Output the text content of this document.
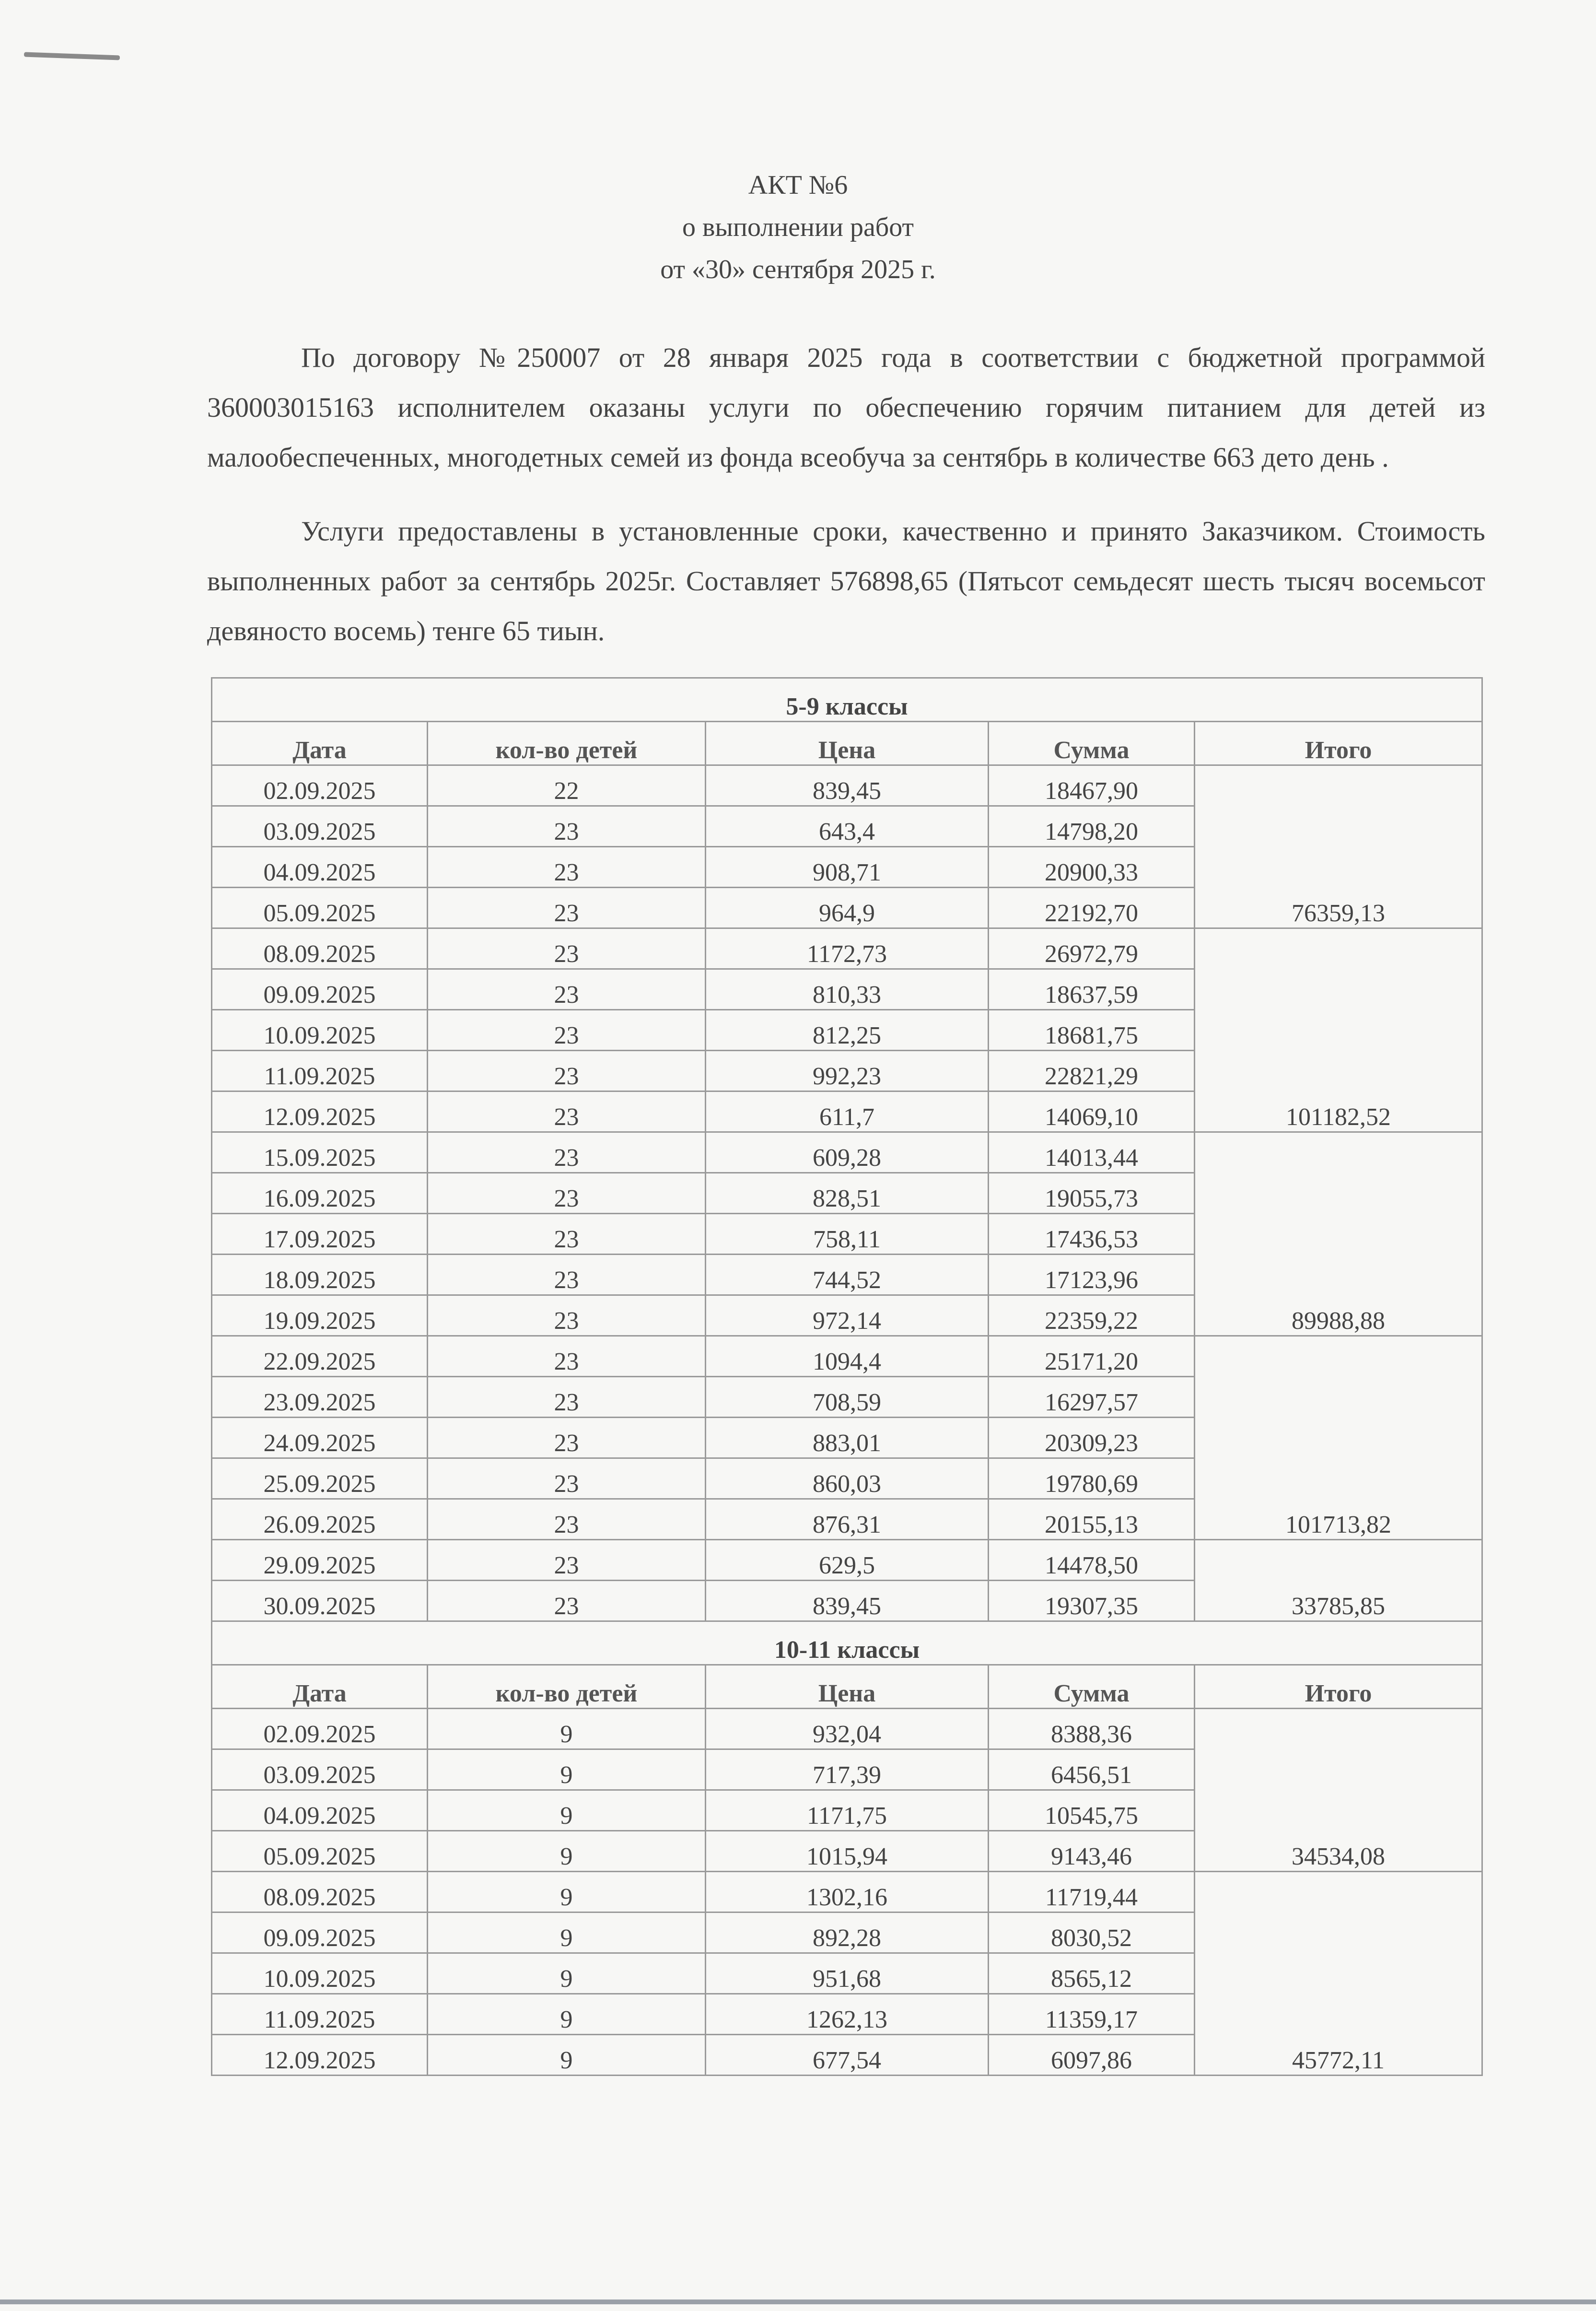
АКТ №6
о выполнении работ
от «30» сентября 2025 г.
По договору №250007 от 28 января 2025 года в соответствии с бюджетной программой 360003015163 исполнителем оказаны услуги по обеспечению горячим питанием для детей из малообеспеченных, многодетных семей из фонда всеобуча за сентябрь в количестве 663 дето день .
Услуги предоставлены в установленные сроки, качественно и принято Заказчиком. Стоимость выполненных работ за сентябрь 2025г. Составляет 576898,65 (Пятьсот семьдесят шесть тысяч восемьсот девяносто восемь) тенге 65 тиын.
5-9 классы				
Дата	кол-во детей	Цена	Сумма	Итого
02.09.2025	22	839,45	18467,90	76359,13
03.09.2025	23	643,4	14798,20	
04.09.2025	23	908,71	20900,33	
05.09.2025	23	964,9	22192,70	
08.09.2025	23	1172,73	26972,79	101182,52
09.09.2025	23	810,33	18637,59	
10.09.2025	23	812,25	18681,75	
11.09.2025	23	992,23	22821,29	
12.09.2025	23	611,7	14069,10	
15.09.2025	23	609,28	14013,44	89988,88
16.09.2025	23	828,51	19055,73	
17.09.2025	23	758,11	17436,53	
18.09.2025	23	744,52	17123,96	
19.09.2025	23	972,14	22359,22	
22.09.2025	23	1094,4	25171,20	101713,82
23.09.2025	23	708,59	16297,57	
24.09.2025	23	883,01	20309,23	
25.09.2025	23	860,03	19780,69	
26.09.2025	23	876,31	20155,13	
29.09.2025	23	629,5	14478,50	33785,85
30.09.2025	23	839,45	19307,35	
10-11 классы				
Дата	кол-во детей	Цена	Сумма	Итого
02.09.2025	9	932,04	8388,36	34534,08
03.09.2025	9	717,39	6456,51	
04.09.2025	9	1171,75	10545,75	
05.09.2025	9	1015,94	9143,46	
08.09.2025	9	1302,16	11719,44	45772,11
09.09.2025	9	892,28	8030,52	
10.09.2025	9	951,68	8565,12	
11.09.2025	9	1262,13	11359,17	
12.09.2025	9	677,54	6097,86	
